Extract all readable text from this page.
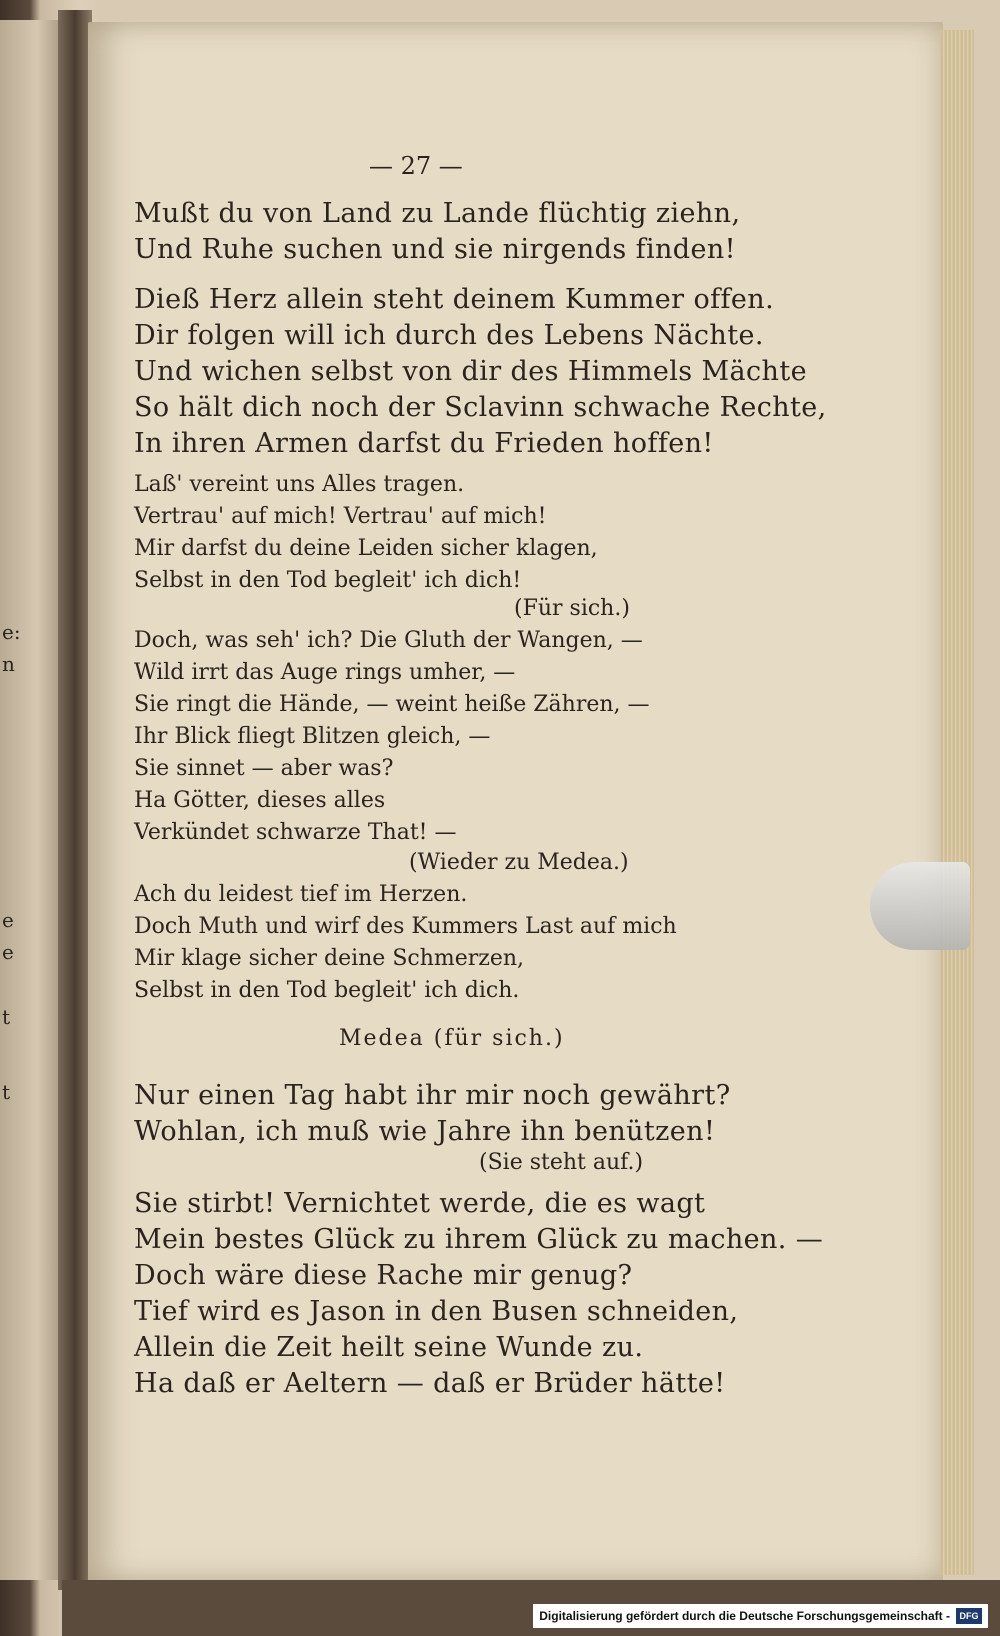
e:
n
e
e
t
t
— 27 —
Mußt du von Land zu Lande flüchtig ziehn,
Und Ruhe suchen und sie nirgends finden!
Dieß Herz allein steht deinem Kummer offen.
Dir folgen will ich durch des Lebens Nächte.
Und wichen selbst von dir des Himmels Mächte
So hält dich noch der Sclavinn schwache Rechte,
In ihren Armen darfst du Frieden hoffen!
Laß' vereint uns Alles tragen.
Vertrau' auf mich! Vertrau' auf mich!
Mir darfst du deine Leiden sicher klagen,
Selbst in den Tod begleit' ich dich!
(Für sich.)
Doch, was seh' ich? Die Gluth der Wangen, —
Wild irrt das Auge rings umher, —
Sie ringt die Hände, — weint heiße Zähren, —
Ihr Blick fliegt Blitzen gleich, —
Sie sinnet — aber was?
Ha Götter, dieses alles
Verkündet schwarze That! —
(Wieder zu Medea.)
Ach du leidest tief im Herzen.
Doch Muth und wirf des Kummers Last auf mich
Mir klage sicher deine Schmerzen,
Selbst in den Tod begleit' ich dich.
Medea (für sich.)
Nur einen Tag habt ihr mir noch gewährt?
Wohlan, ich muß wie Jahre ihn benützen!
(Sie steht auf.)
Sie stirbt! Vernichtet werde, die es wagt
Mein bestes Glück zu ihrem Glück zu machen. —
Doch wäre diese Rache mir genug?
Tief wird es Jason in den Busen schneiden,
Allein die Zeit heilt seine Wunde zu.
Ha daß er Aeltern — daß er Brüder hätte!
Digitalisierung gefördert durch die Deutsche Forschungsgemeinschaft -	DFG
